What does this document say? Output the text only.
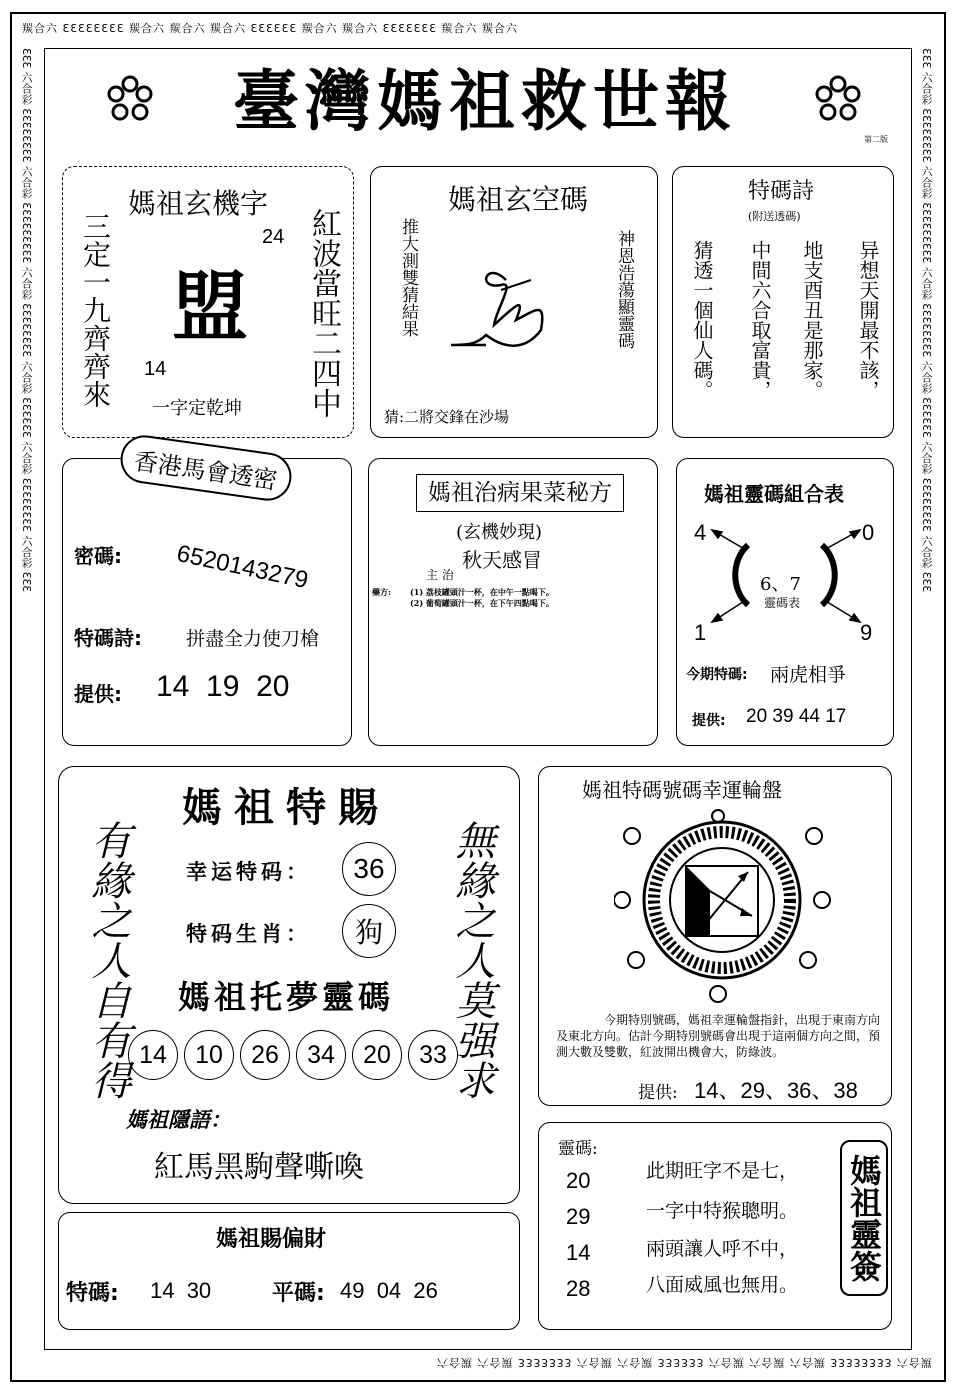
羰合六 ƐƐƐƐƐƐƐƐ 羰合六 羰合六 羰合六 ƐƐƐƐƐƐ 羰合六 羰合六 ƐƐƐƐƐƐƐ 羰合六 羰合六
羰合六 ƐƐƐƐƐƐƐƐ 羰合六 羰合六 羰合六 ƐƐƐƐƐƐ 羰合六 羰合六 ƐƐƐƐƐƐƐ 羰合六 羰合六
ƐƐƐ 六合彩 ƐƐƐƐƐƐƐƐ 六合彩 ƐƐƐƐƐƐƐƐƐ 六合彩 ƐƐƐƐƐƐƐƐ 六合彩 ƐƐƐƐƐƐ 六合彩 ƐƐƐƐƐƐƐƐ 六合彩 ƐƐƐ	ƐƐƐ 六合彩 ƐƐƐƐƐƐƐƐ 六合彩 ƐƐƐƐƐƐƐƐƐ 六合彩 ƐƐƐƐƐƐƐƐ 六合彩 ƐƐƐƐƐƐ 六合彩 ƐƐƐƐƐƐƐƐ 六合彩 ƐƐƐ
臺灣媽祖救世報	第二版
媽祖玄機字
三定一九齊齊來	紅波當旺二四中
24
盟
14
一字定乾坤
媽祖玄空碼
推大測雙猜結果	神恩浩蕩顯靈碼
猜:二將交鋒在沙場
特碼詩
(附送透碼)
异想天開最不該，
地支酉丑是那家。
中間六合取富貴，
猜透一個仙人碼。
香港馬會透密
密碼: 6520143279
特碼詩: 拼盡全力使刀槍
提供: 14  19  20
媽祖治病果菜秘方
(玄機妙現)
主 治
秋天感冒
藥方: (1) 荔枝罐頭汁一杯，在中午一點喝下。
(2) 葡萄罐頭汁一杯，在下午四點喝下。
媽祖靈碼組合表
4	0
1	9
6、7
靈碼表
今期特碼: 兩虎相爭
提供: 20 39 44 17
媽祖特賜
有緣之人自有得	無緣之人莫强求
幸运特码：	36
特码生肖：	狗
媽祖托夢靈碼
14	10	26	34	20	33
媽祖隱語：
紅馬黑駒聲嘶喚
媽祖特碼號碼幸運輪盤
今期特別號碼，媽祖幸運輪盤指針，出現于東南方向及東北方向。估計今期特別號碼會出現于這兩個方向之間，預測大數及雙數，紅波開出機會大，防綠波。
提供: 14、29、36、38
媽祖賜偏財
特碼: 14  30	平碼: 49  04  26
靈碼:
20
29
14
28
此期旺字不是七，
一字中特猴聰明。
兩頭讓人呼不中，
八面威風也無用。
媽祖靈簽
